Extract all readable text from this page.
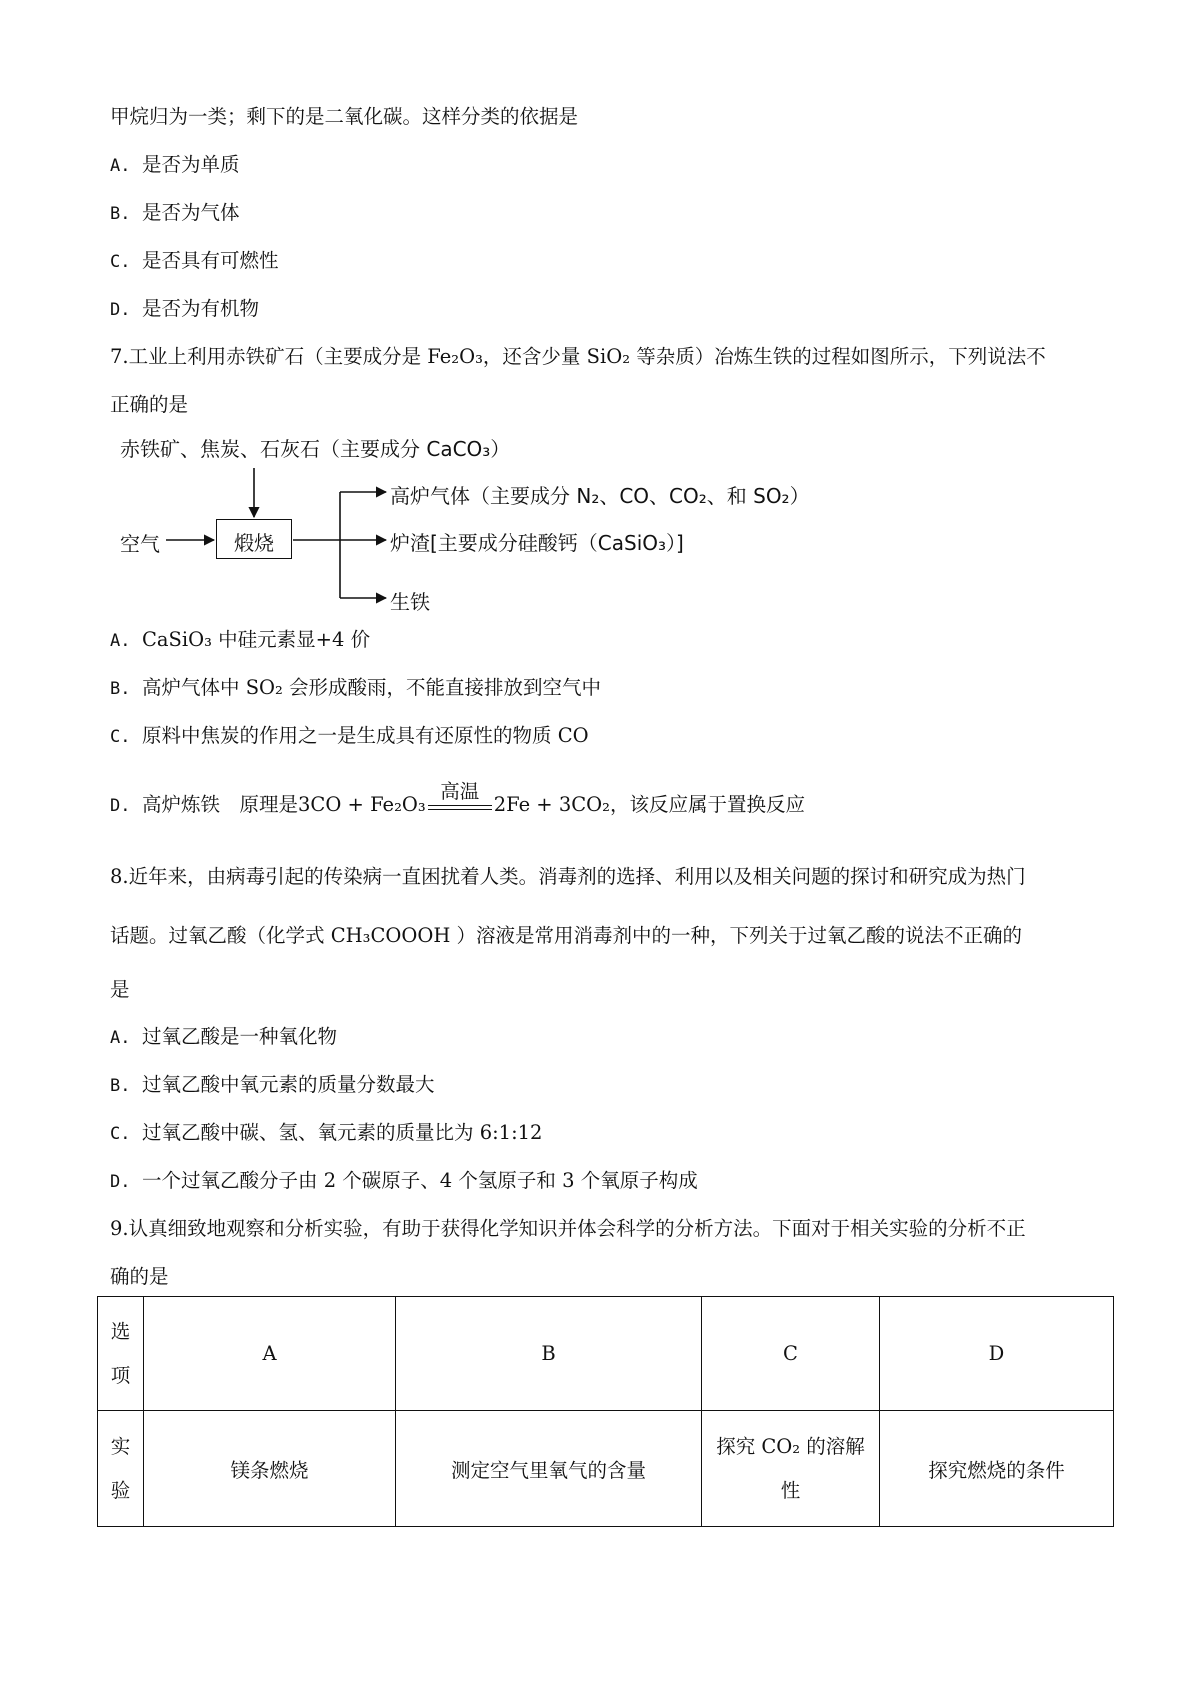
甲烷归为一类；剩下的是二氧化碳。这样分类的依据是
A. 是否为单质
B. 是否为气体
C. 是否具有可燃性
D. 是否为有机物
7.工业上利用赤铁矿石（主要成分是 Fe₂O₃，还含少量 SiO₂ 等杂质）冶炼生铁的过程如图所示，下列说法不
正确的是
赤铁矿、焦炭、石灰石（主要成分 CaCO₃）
空气	煅烧
高炉气体（主要成分 N₂、CO、CO₂、和 SO₂）
炉渣[主要成分硅酸钙（CaSiO₃）]
生铁
A. CaSiO₃ 中硅元素显+4 价
B. 高炉气体中 SO₂ 会形成酸雨，不能直接排放到空气中
C. 原料中焦炭的作用之一是生成具有还原性的物质 CO
D. 高炉炼铁　原理是3CO + Fe₂O₃
高温
2Fe + 3CO₂，该反应属于置换反应
8.近年来，由病毒引起的传染病一直困扰着人类。消毒剂的选择、利用以及相关问题的探讨和研究成为热门
话题。过氧乙酸（化学式 CH₃COOOH ）溶液是常用消毒剂中的一种，下列关于过氧乙酸的说法不正确的
是
A. 过氧乙酸是一种氧化物
B. 过氧乙酸中氧元素的质量分数最大
C. 过氧乙酸中碳、氢、氧元素的质量比为 6:1:12
D. 一个过氧乙酸分子由 2 个碳原子、4 个氢原子和 3 个氧原子构成
9.认真细致地观察和分析实验，有助于获得化学知识并体会科学的分析方法。下面对于相关实验的分析不正
确的是
选项	A	B	C	D

实验	镁条燃烧	测定空气里氧气的含量	探究 CO₂ 的溶解性	探究燃烧的条件
